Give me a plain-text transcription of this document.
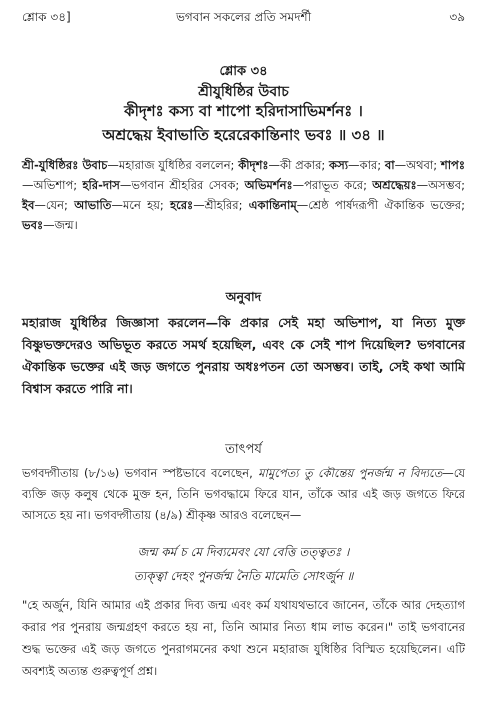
শ্লোক ৩৪]	ভগবান সকলের প্রতি সমদর্শী	৩৯
শ্লোক ৩৪
শ্রীযুধিষ্ঠির উবাচ
কীদৃশঃ কস্য বা শাপো হরিদাসাভিমর্শনঃ ।
অশ্রদ্ধেয় ইবাভাতি হরেরেকান্তিনাং ভবঃ ॥ ৩৪ ॥
শ্রী-যুধিষ্ঠিরঃ উবাচ—মহারাজ যুধিষ্ঠির বললেন; কীদৃশঃ—কী প্রকার; কস্য—কার; বা—অথবা; শাপঃ—অভিশাপ; হরি-দাস—ভগবান শ্রীহরির সেবক; অভিমর্শনঃ—পরাভূত করে; অশ্রদ্ধেয়ঃ—অসম্ভব; ইব—যেন; আভাতি—মনে হয়; হরেঃ—শ্রীহরির; একান্তিনাম্—শ্রেষ্ঠ পার্ষদরূপী ঐকান্তিক ভক্তের; ভবঃ—জন্ম।
অনুবাদ
মহারাজ যুধিষ্ঠির জিজ্ঞাসা করলেন—কি প্রকার সেই মহা অভিশাপ, যা নিত্য মুক্ত বিষ্ণুভক্তদেরও অভিভূত করতে সমর্থ হয়েছিল, এবং কে সেই শাপ দিয়েছিল? ভগবানের ঐকান্তিক ভক্তের এই জড় জগতে পুনরায় অধঃপতন তো অসম্ভব। তাই, সেই কথা আমি বিশ্বাস করতে পারি না।
তাৎপর্য
ভগবদ্গীতায় (৮/১৬) ভগবান স্পষ্টভাবে বলেছেন, মামুপেত্য তু কৌন্তেয় পুনর্জন্ম ন বিদ্যতে—যে ব্যক্তি জড় কলুষ থেকে মুক্ত হন, তিনি ভগবদ্ধামে ফিরে যান, তাঁকে আর এই জড় জগতে ফিরে আসতে হয় না। ভগবদ্গীতায় (৪/৯) শ্রীকৃষ্ণ আরও বলেছেন—
জন্ম কর্ম চ মে দিব্যমেবং যো বেত্তি তত্ত্বতঃ ।
ত্যক্ত্বা দেহং পুনর্জন্ম নৈতি মামেতি সোঽর্জুন ॥
"হে অর্জুন, যিনি আমার এই প্রকার দিব্য জন্ম এবং কর্ম যথাযথভাবে জানেন, তাঁকে আর দেহত্যাগ করার পর পুনরায় জন্মগ্রহণ করতে হয় না, তিনি আমার নিত্য ধাম লাভ করেন।" তাই ভগবানের শুদ্ধ ভক্তের এই জড় জগতে পুনরাগমনের কথা শুনে মহারাজ যুধিষ্ঠির বিস্মিত হয়েছিলেন। এটি অবশ্যই অত্যন্ত গুরুত্বপূর্ণ প্রশ্ন।
